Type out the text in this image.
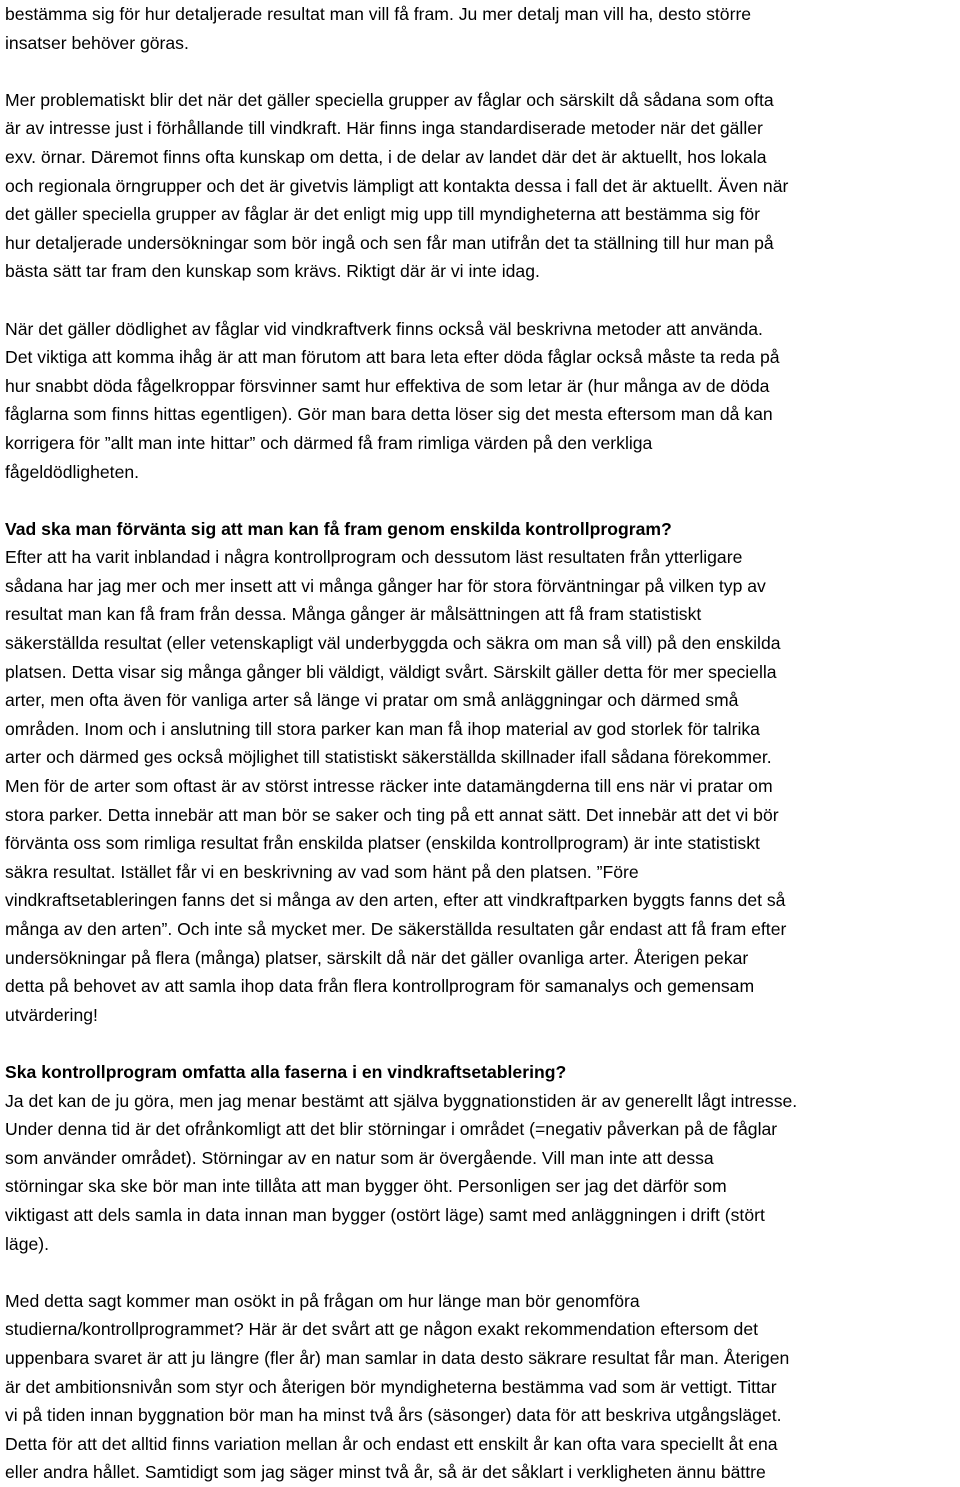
bestämma sig för hur detaljerade resultat man vill få fram. Ju mer detalj man vill ha, desto större
insatser behöver göras.
Mer problematiskt blir det när det gäller speciella grupper av fåglar och särskilt då sådana som ofta
är av intresse just i förhållande till vindkraft. Här finns inga standardiserade metoder när det gäller
exv. örnar. Däremot finns ofta kunskap om detta, i de delar av landet där det är aktuellt, hos lokala
och regionala örngrupper och det är givetvis lämpligt att kontakta dessa i fall det är aktuellt. Även när
det gäller speciella grupper av fåglar är det enligt mig upp till myndigheterna att bestämma sig för
hur detaljerade undersökningar som bör ingå och sen får man utifrån det ta ställning till hur man på
bästa sätt tar fram den kunskap som krävs. Riktigt där är vi inte idag.
När det gäller dödlighet av fåglar vid vindkraftverk finns också väl beskrivna metoder att använda.
Det viktiga att komma ihåg är att man förutom att bara leta efter döda fåglar också måste ta reda på
hur snabbt döda fågelkroppar försvinner samt hur effektiva de som letar är (hur många av de döda
fåglarna som finns hittas egentligen). Gör man bara detta löser sig det mesta eftersom man då kan
korrigera för ”allt man inte hittar” och därmed få fram rimliga värden på den verkliga
fågeldödligheten.
Vad ska man förvänta sig att man kan få fram genom enskilda kontrollprogram?
Efter att ha varit inblandad i några kontrollprogram och dessutom läst resultaten från ytterligare
sådana har jag mer och mer insett att vi många gånger har för stora förväntningar på vilken typ av
resultat man kan få fram från dessa. Många gånger är målsättningen att få fram statistiskt
säkerställda resultat (eller vetenskapligt väl underbyggda och säkra om man så vill) på den enskilda
platsen. Detta visar sig många gånger bli väldigt, väldigt svårt. Särskilt gäller detta för mer speciella
arter, men ofta även för vanliga arter så länge vi pratar om små anläggningar och därmed små
områden. Inom och i anslutning till stora parker kan man få ihop material av god storlek för talrika
arter och därmed ges också möjlighet till statistiskt säkerställda skillnader ifall sådana förekommer.
Men för de arter som oftast är av störst intresse räcker inte datamängderna till ens när vi pratar om
stora parker. Detta innebär att man bör se saker och ting på ett annat sätt. Det innebär att det vi bör
förvänta oss som rimliga resultat från enskilda platser (enskilda kontrollprogram) är inte statistiskt
säkra resultat. Istället får vi en beskrivning av vad som hänt på den platsen. ”Före
vindkraftsetableringen fanns det si många av den arten, efter att vindkraftparken byggts fanns det så
många av den arten”. Och inte så mycket mer. De säkerställda resultaten går endast att få fram efter
undersökningar på flera (många) platser, särskilt då när det gäller ovanliga arter. Återigen pekar
detta på behovet av att samla ihop data från flera kontrollprogram för samanalys och gemensam
utvärdering!
Ska kontrollprogram omfatta alla faserna i en vindkraftsetablering?
Ja det kan de ju göra, men jag menar bestämt att själva byggnationstiden är av generellt lågt intresse.
Under denna tid är det ofrånkomligt att det blir störningar i området (=negativ påverkan på de fåglar
som använder området). Störningar av en natur som är övergående. Vill man inte att dessa
störningar ska ske bör man inte tillåta att man bygger öht. Personligen ser jag det därför som
viktigast att dels samla in data innan man bygger (ostört läge) samt med anläggningen i drift (stört
läge).
Med detta sagt kommer man osökt in på frågan om hur länge man bör genomföra
studierna/kontrollprogrammet? Här är det svårt att ge någon exakt rekommendation eftersom det
uppenbara svaret är att ju längre (fler år) man samlar in data desto säkrare resultat får man. Återigen
är det ambitionsnivån som styr och återigen bör myndigheterna bestämma vad som är vettigt. Tittar
vi på tiden innan byggnation bör man ha minst två års (säsonger) data för att beskriva utgångsläget.
Detta för att det alltid finns variation mellan år och endast ett enskilt år kan ofta vara speciellt åt ena
eller andra hållet. Samtidigt som jag säger minst två år, så är det såklart i verkligheten ännu bättre
